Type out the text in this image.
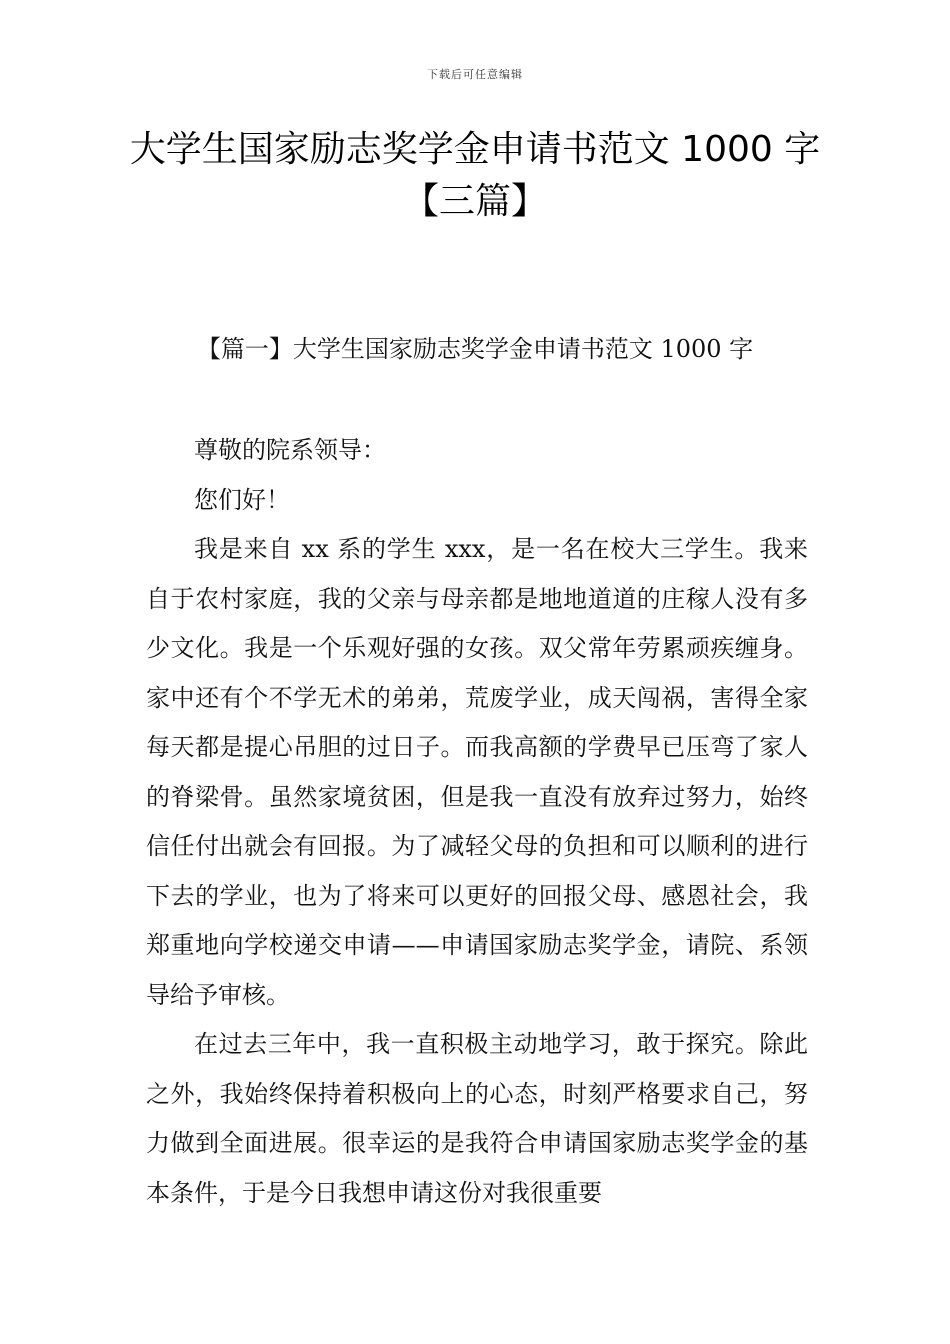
下载后可任意编辑
大学生国家励志奖学金申请书范文 1000 字
【三篇】
【篇一】大学生国家励志奖学金申请书范文 1000 字

尊敬的院系领导：

您们好！

我是来自 xx 系的学生 xxx，是一名在校大三学生。我来自于农村家庭，我的父亲与母亲都是地地道道的庄稼人没有多少文化。我是一个乐观好强的女孩。双父常年劳累顽疾缠身。家中还有个不学无术的弟弟，荒废学业，成天闯祸，害得全家每天都是提心吊胆的过日子。而我高额的学费早已压弯了家人的脊梁骨。虽然家境贫困，但是我一直没有放弃过努力，始终信任付出就会有回报。为了减轻父母的负担和可以顺利的进行下去的学业，也为了将来可以更好的回报父母、感恩社会，我郑重地向学校递交申请——申请国家励志奖学金，请院、系领导给予审核。

在过去三年中，我一直积极主动地学习，敢于探究。除此之外，我始终保持着积极向上的心态，时刻严格要求自己，努力做到全面进展。很幸运的是我符合申请国家励志奖学金的基本条件，于是今日我想申请这份对我很重要
